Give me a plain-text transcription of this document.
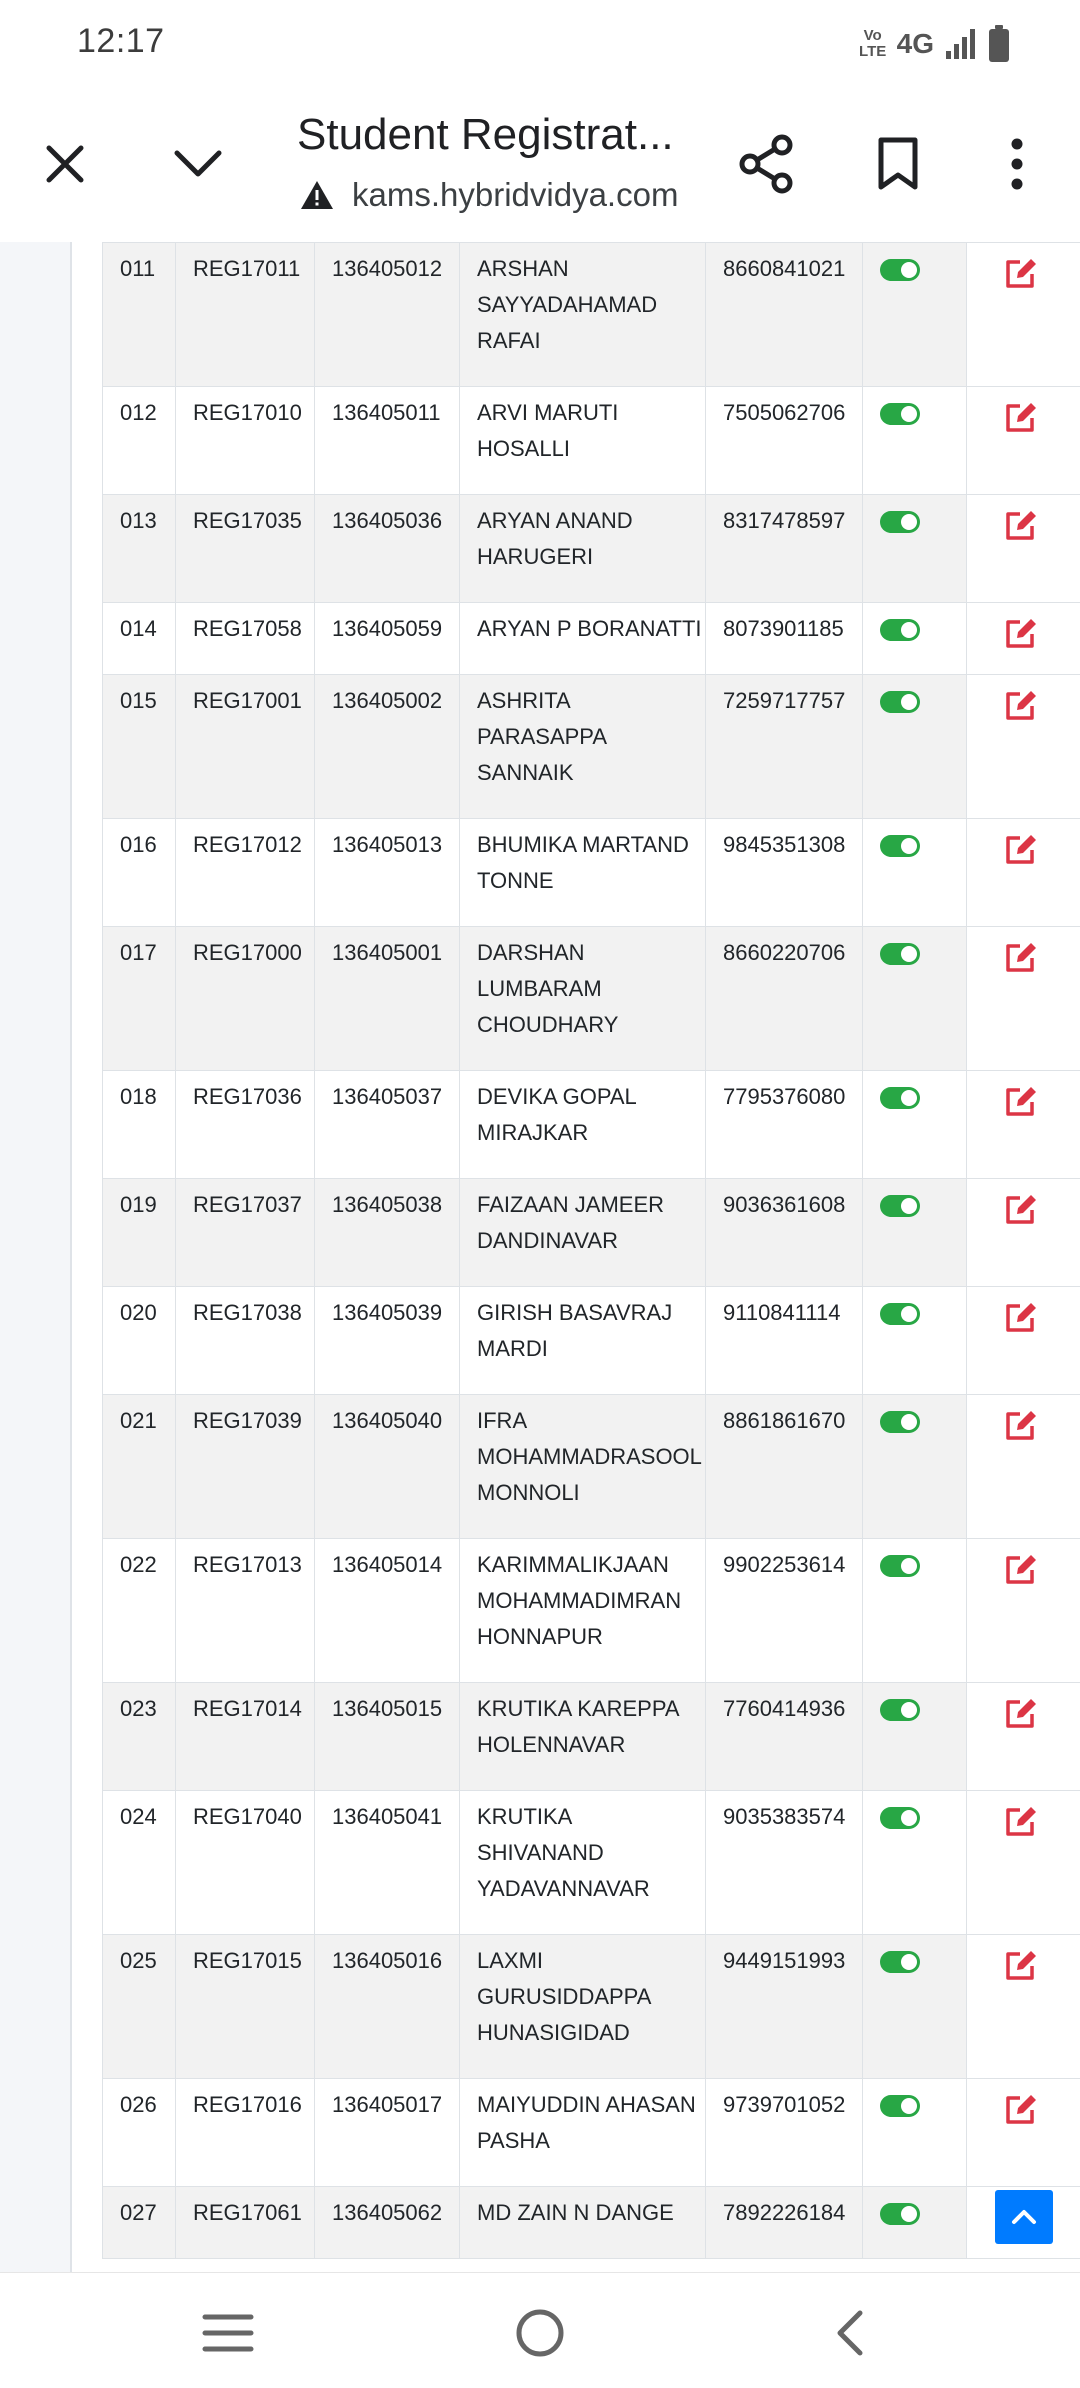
12:17	Vo LTE 4G
Student Registrat...
kams.hybridvidya.com
011	REG17011	136405012	ARSHAN
SAYYADAHAMAD
RAFAI	8660841021	

012	REG17010	136405011	ARVI MARUTI
HOSALLI	7505062706	

013	REG17035	136405036	ARYAN ANAND
HARUGERI	8317478597	

014	REG17058	136405059	ARYAN P BORANATTI	8073901185	

015	REG17001	136405002	ASHRITA
PARASAPPA
SANNAIK	7259717757	

016	REG17012	136405013	BHUMIKA MARTAND
TONNE	9845351308	

017	REG17000	136405001	DARSHAN
LUMBARAM
CHOUDHARY	8660220706	

018	REG17036	136405037	DEVIKA GOPAL
MIRAJKAR	7795376080	

019	REG17037	136405038	FAIZAAN JAMEER
DANDINAVAR	9036361608	

020	REG17038	136405039	GIRISH BASAVRAJ
MARDI	9110841114	

021	REG17039	136405040	IFRA
MOHAMMADRASOOL
MONNOLI	8861861670	

022	REG17013	136405014	KARIMMALIKJAAN
MOHAMMADIMRAN
HONNAPUR	9902253614	

023	REG17014	136405015	KRUTIKA KAREPPA
HOLENNAVAR	7760414936	

024	REG17040	136405041	KRUTIKA
SHIVANAND
YADAVANNAVAR	9035383574	

025	REG17015	136405016	LAXMI
GURUSIDDAPPA
HUNASIGIDAD	9449151993	

026	REG17016	136405017	MAIYUDDIN AHASAN
PASHA	9739701052	

027	REG17061	136405062	MD ZAIN N DANGE	7892226184	
